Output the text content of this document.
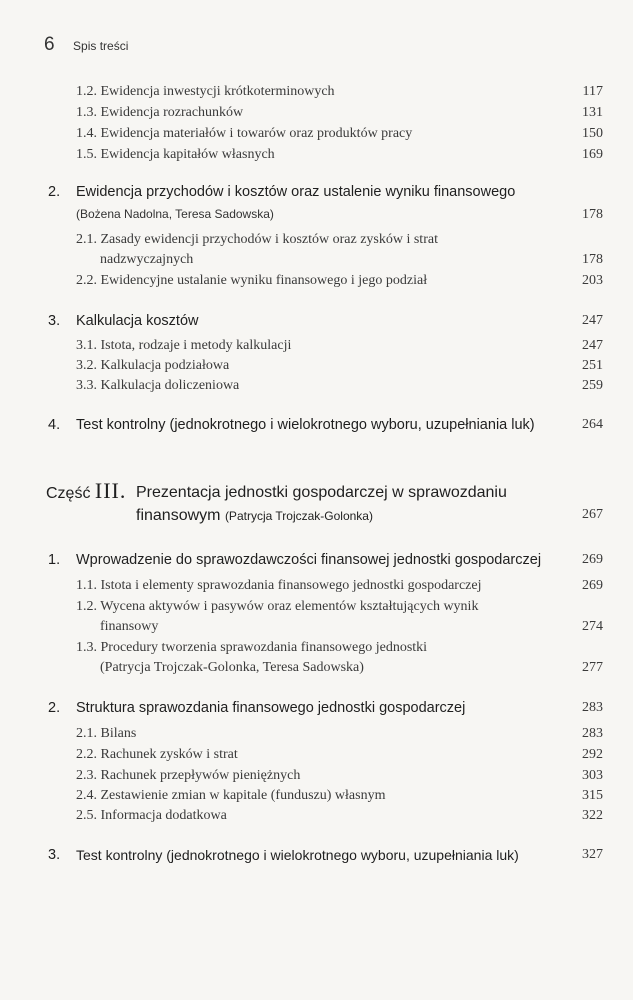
6 Spis treści
1.2. Ewidencja inwestycji krótkoterminowych	117
1.3. Ewidencja rozrachunków	131
1.4. Ewidencja materiałów i towarów oraz produktów pracy	150
1.5. Ewidencja kapitałów własnych	169
2. Ewidencja przychodów i kosztów oraz ustalenie wyniku finansowego
(Bożena Nadolna, Teresa Sadowska)	178
2.1. Zasady ewidencji przychodów i kosztów oraz zysków i strat
nadzwyczajnych	178
2.2. Ewidencyjne ustalanie wyniku finansowego i jego podział	203
3. Kalkulacja kosztów	247
3.1. Istota, rodzaje i metody kalkulacji	247
3.2. Kalkulacja podziałowa	251
3.3. Kalkulacja doliczeniowa	259
4. Test kontrolny (jednokrotnego i wielokrotnego wyboru, uzupełniania luk)	264
Część III. Prezentacja jednostki gospodarczej w sprawozdaniu
finansowym (Patrycja Trojczak-Golonka)	267
1. Wprowadzenie do sprawozdawczości finansowej jednostki gospodarczej	269
1.1. Istota i elementy sprawozdania finansowego jednostki gospodarczej	269
1.2. Wycena aktywów i pasywów oraz elementów kształtujących wynik
finansowy	274
1.3. Procedury tworzenia sprawozdania finansowego jednostki
(Patrycja Trojczak-Golonka, Teresa Sadowska)	277
2. Struktura sprawozdania finansowego jednostki gospodarczej	283
2.1. Bilans	283
2.2. Rachunek zysków i strat	292
2.3. Rachunek przepływów pieniężnych	303
2.4. Zestawienie zmian w kapitale (funduszu) własnym	315
2.5. Informacja dodatkowa	322
3. Test kontrolny (jednokrotnego i wielokrotnego wyboru, uzupełniania luk)	327
